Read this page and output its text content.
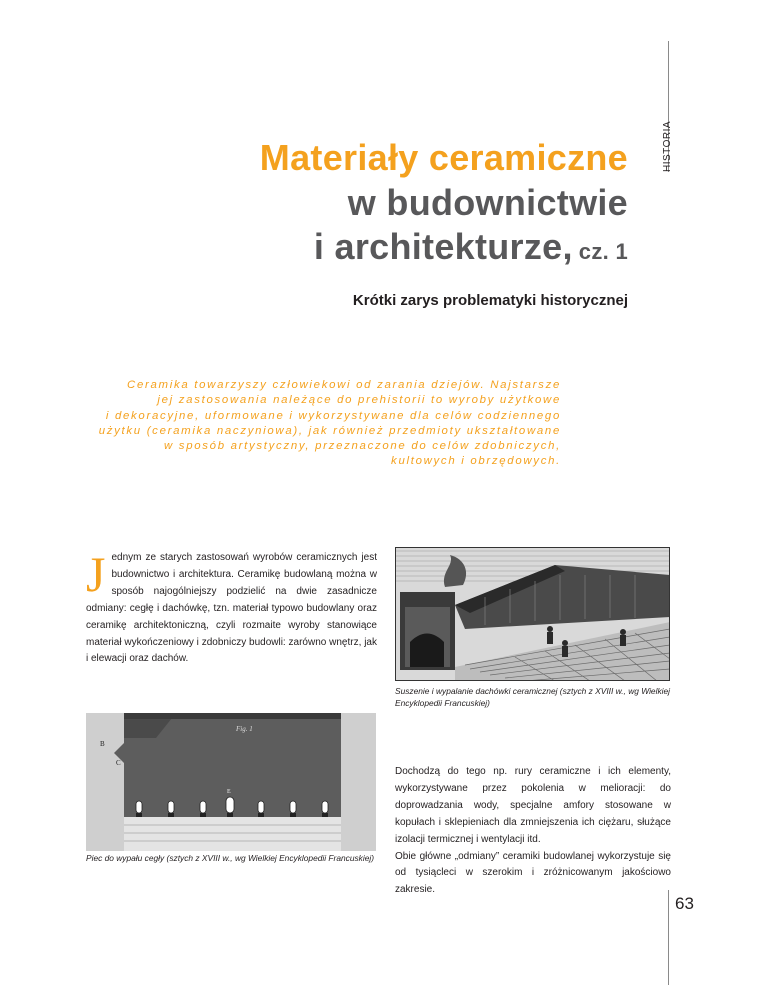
HISTORIA
63
Materiały ceramiczne
w budownictwie
i architekturze, cz. 1
Krótki zarys problematyki historycznej
Ceramika towarzyszy człowiekowi od zarania dziejów. Najstarsze
jej zastosowania należące do prehistorii to wyroby użytkowe
i dekoracyjne, uformowane i wykorzystywane dla celów codziennego
użytku (ceramika naczyniowa), jak również przedmioty ukształtowane
w sposób artystyczny, przeznaczone do celów zdobniczych,
kultowych i obrzędowych.
Jednym ze starych zastosowań wyrobów ceramicznych jest budownictwo i architektura. Ceramikę budowlaną można w sposób najogólniejszy podzielić na dwie zasadnicze odmiany: cegłę i dachówkę, tzn. materiał typowo budowlany oraz ceramikę architektoniczną, czyli rozmaite wyroby stanowiące materiał wykończeniowy i zdobniczy budowli: zarówno wnętrz, jak i elewacji oraz dachów.
Suszenie i wypalanie dachówki ceramicznej (sztych z XVIII w., wg Wielkiej Encyklopedii Francuskiej)
B
C
E
Fig. 1
Piec do wypału cegły (sztych z XVIII w., wg Wielkiej Encyklopedii Francuskiej)
Dochodzą do tego np. rury ceramiczne i ich elementy, wykorzystywane przez pokolenia w melioracji: do doprowadzania wody, specjalne amfory stosowane w kopułach i sklepieniach dla zmniejszenia ich ciężaru, służące izolacji termicznej i wentylacji itd.
Obie główne „odmiany” ceramiki budowlanej wykorzystuje się od tysiącleci w szerokim i zróżnicowanym jakościowo zakresie.
